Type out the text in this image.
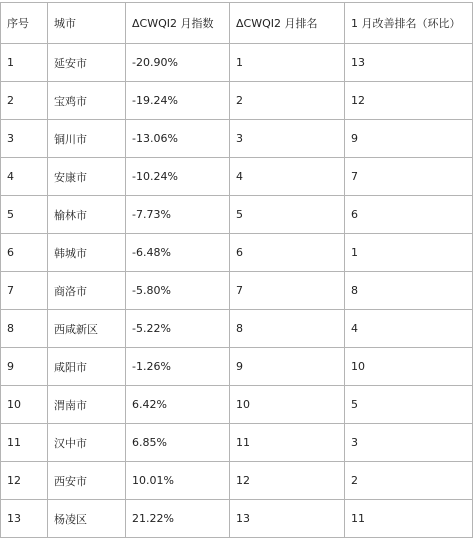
序号	城市	ΔCWQI2 月指数	ΔCWQI2 月排名	1 月改善排名（环比）
1	延安市	-20.90%	1	13
2	宝鸡市	-19.24%	2	12
3	铜川市	-13.06%	3	9
4	安康市	-10.24%	4	7
5	榆林市	-7.73%	5	6
6	韩城市	-6.48%	6	1
7	商洛市	-5.80%	7	8
8	西咸新区	-5.22%	8	4
9	咸阳市	-1.26%	9	10
10	渭南市	6.42%	10	5
11	汉中市	6.85%	11	3
12	西安市	10.01%	12	2
13	杨凌区	21.22%	13	11
